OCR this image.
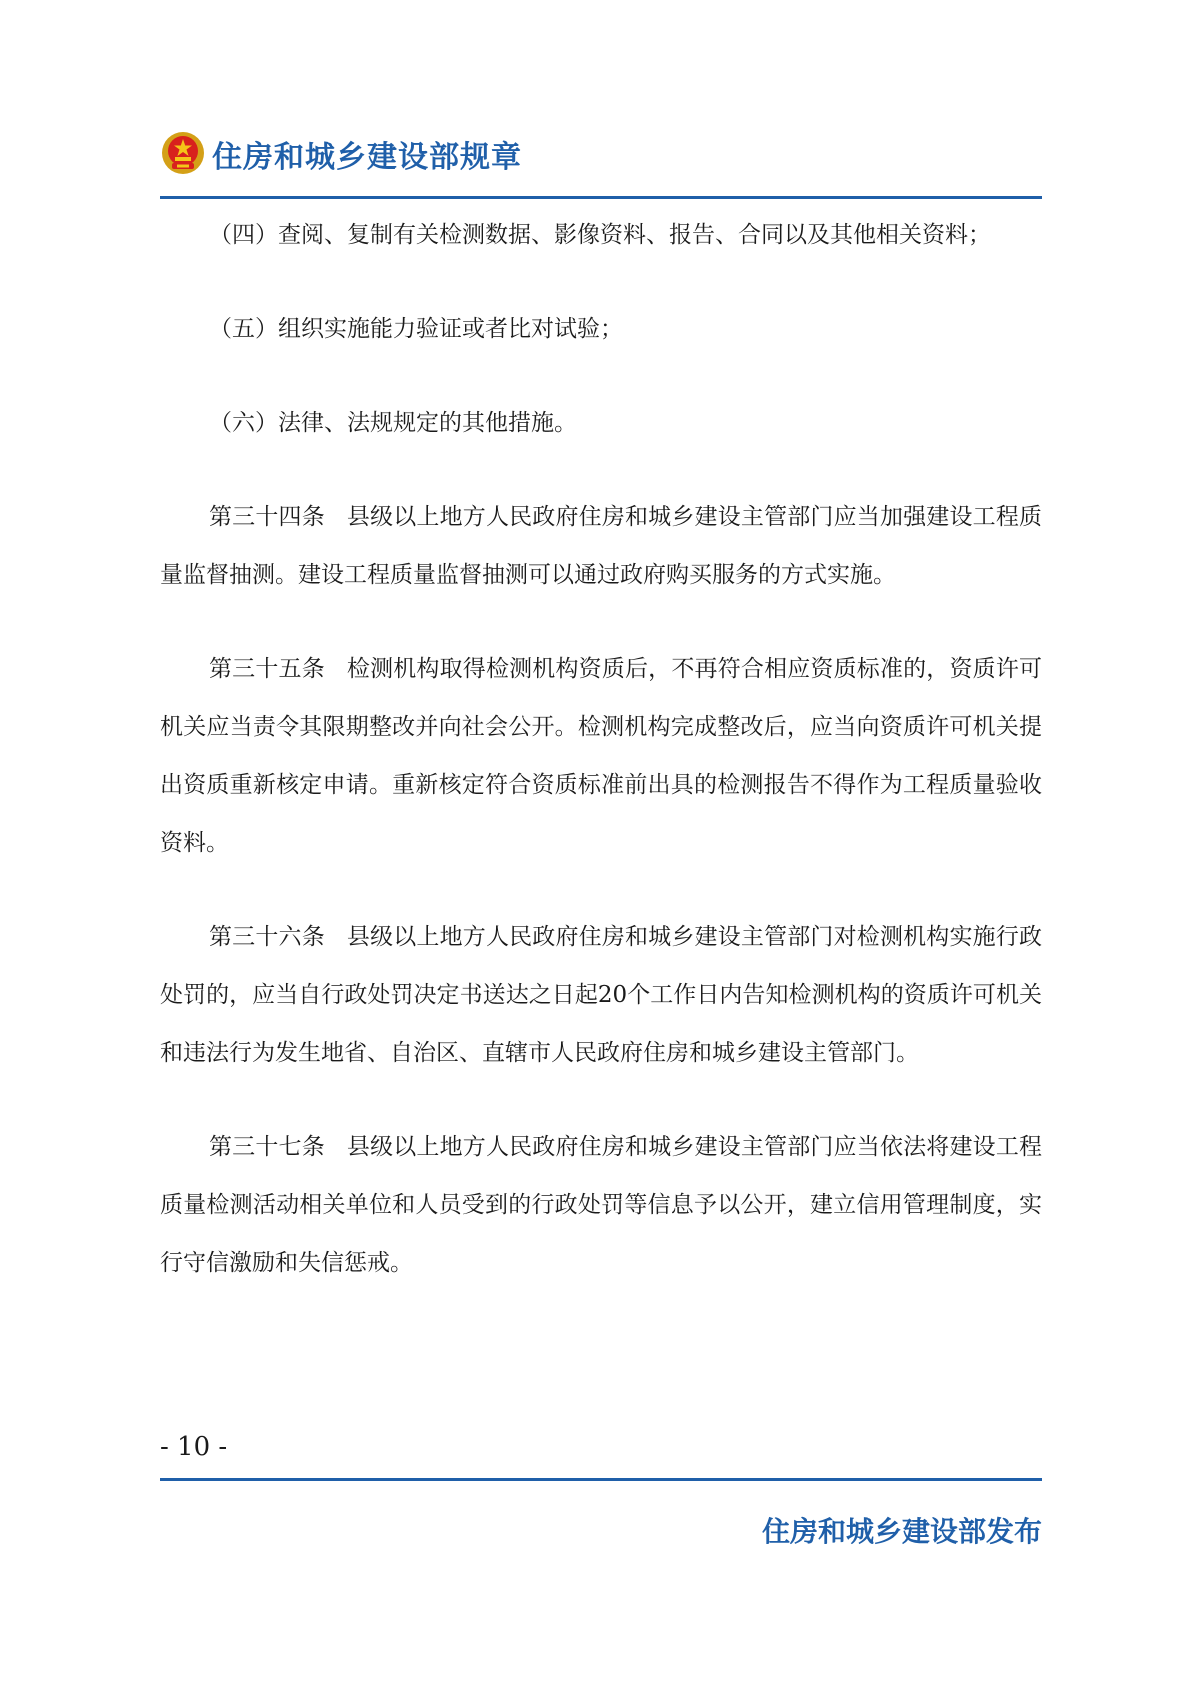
住房和城乡建设部规章

（四）查阅、复制有关检测数据、影像资料、报告、合同以及其他相关资料；

（五）组织实施能力验证或者比对试验；

（六）法律、法规规定的其他措施。

第三十四条 县级以上地方人民政府住房和城乡建设主管部门应当加强建设工程质量监督抽测。建设工程质量监督抽测可以通过政府购买服务的方式实施。

第三十五条 检测机构取得检测机构资质后，不再符合相应资质标准的，资质许可机关应当责令其限期整改并向社会公开。检测机构完成整改后，应当向资质许可机关提出资质重新核定申请。重新核定符合资质标准前出具的检测报告不得作为工程质量验收资料。

第三十六条 县级以上地方人民政府住房和城乡建设主管部门对检测机构实施行政处罚的，应当自行政处罚决定书送达之日起20个工作日内告知检测机构的资质许可机关和违法行为发生地省、自治区、直辖市人民政府住房和城乡建设主管部门。

第三十七条 县级以上地方人民政府住房和城乡建设主管部门应当依法将建设工程质量检测活动相关单位和人员受到的行政处罚等信息予以公开，建立信用管理制度，实行守信激励和失信惩戒。

- 10 -
住房和城乡建设部发布
